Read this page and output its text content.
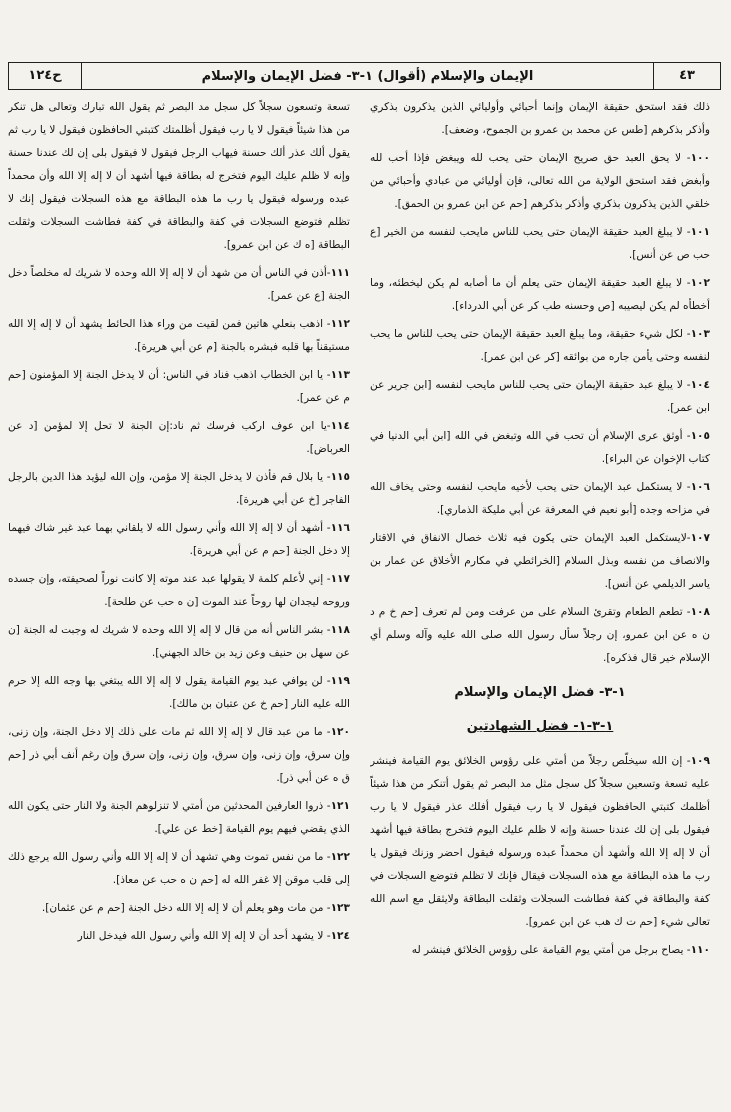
٤٣
الإيمان والإسلام (أقوال) ١-٣- فضل الإيمان والإسلام
ح١٢٤

ذلك فقد استحق حقيقة الإيمان وإنما أحبائي وأوليائي الذين يذكرون بذكري وأذكر بذكرهم [طس عن محمد بن عمرو بن الجموح، وضعف].

١٠٠- لا يحق العبد حق صريح الإيمان حتى يحب لله ويبغض فإذا أحب لله وأبغض فقد استحق الولاية من الله تعالى، فإن أوليائي من عبادي وأحبائي من خلقي الذين يذكرون بذكري وأذكر بذكرهم [حم عن ابن عمرو بن الحمق].

١٠١- لا يبلغ العبد حقيقة الإيمان حتى يحب للناس مايحب لنفسه من الخير [ع حب ص عن أنس].

١٠٢- لا يبلغ العبد حقيقة الإيمان حتى يعلم أن ما أصابه لم يكن ليخطئه، وما أخطأه لم يكن ليصيبه [ص وحسنه طب كر عن أبي الدرداء].

١٠٣- لكل شيء حقيقة، وما يبلغ العبد حقيقة الإيمان حتى يحب للناس ما يحب لنفسه وحتى يأمن جاره من بوائقه [كر عن ابن عمر].

١٠٤- لا يبلغ عبد حقيقة الإيمان حتى يحب للناس مايحب لنفسه [ابن جرير عن ابن عمر].

١٠٥- أوثق عرى الإسلام أن تحب في الله وتبغض في الله [ابن أبي الدنيا في كتاب الإخوان عن البراء].

١٠٦- لا يستكمل عبد الإيمان حتى يحب لأخيه مايحب لنفسه وحتى يخاف الله في مزاحه وجده [أبو نعيم في المعرفة عن أبي مليكة الذماري].

١٠٧-لايستكمل العبد الإيمان حتى يكون فيه ثلاث خصال الانفاق في الاقتار والانصاف من نفسه وبذل السلام [الخرائطي في مكارم الأخلاق عن عمار بن ياسر الديلمي عن أنس].

١٠٨- تطعم الطعام وتقرئ السلام على من عرفت ومن لم تعرف [حم خ م د ن ه عن ابن عمرو، إن رجلاً سأل رسول الله صلى الله عليه وآله وسلم أي الإسلام خير قال فذكره].

١-٣- فضل الإيمان والإسلام
١-٣-١- فضل الشهادتين

١٠٩- إن الله سيخلّص رجلاً من أمتي على رؤوس الخلائق يوم القيامة فينشر عليه تسعة وتسعين سجلاً كل سجل مثل مد البصر ثم يقول أتنكر من هذا شيئاً أظلمك كتبتي الحافظون فيقول لا يا رب فيقول أفلك عذر فيقول لا يا رب فيقول بلى إن لك عندنا حسنة وإنه لا ظلم عليك اليوم فتخرج بطاقة فيها أشهد أن لا إله إلا الله وأشهد أن محمداً عبده ورسوله فيقول احضر وزنك فيقول يا رب ما هذه البطاقة مع هذه السجلات فيقال فإنك لا تظلم فتوضع السجلات في كفة والبطاقة في كفة فطاشت السجلات وثقلت البطاقة ولايثقل مع اسم الله تعالى شيء [حم ت ك هب عن ابن عمرو].

١١٠- يصاح برجل من أمتي يوم القيامة على رؤوس الخلائق فينشر له

تسعة وتسعون سجلاً كل سجل مد البصر ثم يقول الله تبارك وتعالى هل تنكر من هذا شيئاً فيقول لا يا رب فيقول أظلمتك كتبتي الحافظون فيقول لا يا رب ثم يقول ألك عذر ألك حسنة فيهاب الرجل فيقول لا فيقول بلى إن لك عندنا حسنة وإنه لا ظلم عليك اليوم فتخرج له بطاقة فيها أشهد أن لا إله إلا الله وأن محمداً عبده ورسوله فيقول يا رب ما هذه البطاقة مع هذه السجلات فيقول إنك لا تظلم فتوضع السجلات في كفة والبطاقة في كفة فطاشت السجلات وثقلت البطاقة [ه ك عن ابن عمرو].

١١١-أذن في الناس أن من شهد أن لا إله إلا الله وحده لا شريك له مخلصاً دخل الجنة [ع عن عمر].

١١٢- اذهب بنعلي هاتين فمن لقيت من وراء هذا الحائط يشهد أن لا إله إلا الله مستيقناً بها قلبه فبشره بالجنة [م عن أبي هريرة].

١١٣- يا ابن الخطاب اذهب فناد في الناس: أن لا يدخل الجنة إلا المؤمنون [حم م عن عمر].

١١٤-يا ابن عوف اركب فرسك ثم ناد:إن الجنة لا تحل إلا لمؤمن [د عن العرباض].

١١٥- يا بلال قم فأذن لا يدخل الجنة إلا مؤمن، وإن الله ليؤيد هذا الدين بالرجل الفاجر [خ عن أبي هريرة].

١١٦- أشهد أن لا إله إلا الله وأني رسول الله لا يلقاني بهما عبد غير شاك فيهما إلا دخل الجنة [حم م عن أبي هريرة].

١١٧- إني لأعلم كلمة لا يقولها عبد عند موته إلا كانت نوراً لصحيفته، وإن جسده وروحه ليجدان لها روحاً عند الموت [ن ه حب عن طلحة].

١١٨- بشر الناس أنه من قال لا إله إلا الله وحده لا شريك له وجبت له الجنة [ن عن سهل بن حنيف وعن زيد بن خالد الجهني].

١١٩- لن يوافي عبد يوم القيامة يقول لا إله إلا الله يبتغي بها وجه الله إلا حرم الله عليه النار [حم خ عن عتبان بن مالك].

١٢٠- ما من عبد قال لا إله إلا الله ثم مات على ذلك إلا دخل الجنة، وإن زنى، وإن سرق، وإن زنى، وإن سرق، وإن زنى، وإن سرق وإن رغم أنف أبي ذر [حم ق ه عن أبي ذر].

١٢١- ذروا العارفين المحدثين من أمتي لا تنزلوهم الجنة ولا النار حتى يكون الله الذي يقضي فيهم يوم القيامة [خط عن علي].

١٢٢- ما من نفس تموت وهي تشهد أن لا إله إلا الله وأني رسول الله يرجع ذلك إلى قلب موقن إلا غفر الله له [حم ن ه حب عن معاذ].

١٢٣- من مات وهو يعلم أن لا إله إلا الله دخل الجنة [حم م عن عثمان].

١٢٤- لا يشهد أحد أن لا إله إلا الله وأني رسول الله فيدخل النار
